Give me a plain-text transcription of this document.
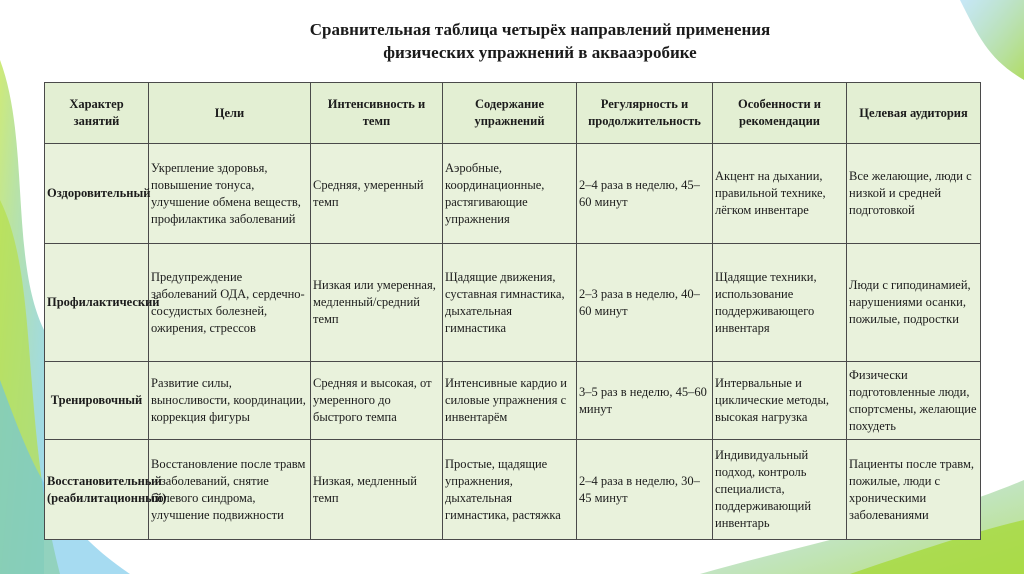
Сравнительная таблица четырёх направлений применения
физических упражнений в аквааэробике
Характер занятий	Цели	Интенсивность и темп	Содержание упражнений	Регулярность и продолжительность	Особенности и рекомендации	Целевая аудитория
Оздоровительный	Укрепление здоровья, повышение тонуса, улучшение обмена веществ, профилактика заболеваний	Средняя, умеренный темп	Аэробные, координационные, растягивающие упражнения	2–4 раза в неделю, 45–60 минут	Акцент на дыхании, правильной технике, лёгком инвентаре	Все желающие, люди с низкой и средней подготовкой
Профилактический	Предупреждение заболеваний ОДА, сердечно-сосудистых болезней, ожирения, стрессов	Низкая или умеренная, медленный/средний темп	Щадящие движения, суставная гимнастика, дыхательная гимнастика	2–3 раза в неделю, 40–60 минут	Щадящие техники, использование поддерживающего инвентаря	Люди с гиподинамией, нарушениями осанки, пожилые, подростки
Тренировочный	Развитие силы, выносливости, координации, коррекция фигуры	Средняя и высокая, от умеренного до быстрого темпа	Интенсивные кардио и силовые упражнения с инвентарём	3–5 раз в неделю, 45–60 минут	Интервальные и циклические методы, высокая нагрузка	Физически подготовленные люди, спортсмены, желающие похудеть
Восстановительный (реабилитационный)	Восстановление после травм и заболеваний, снятие болевого синдрома, улучшение подвижности	Низкая, медленный темп	Простые, щадящие упражнения, дыхательная гимнастика, растяжка	2–4 раза в неделю, 30–45 минут	Индивидуальный подход, контроль специалиста, поддерживающий инвентарь	Пациенты после травм, пожилые, люди с хроническими заболеваниями
